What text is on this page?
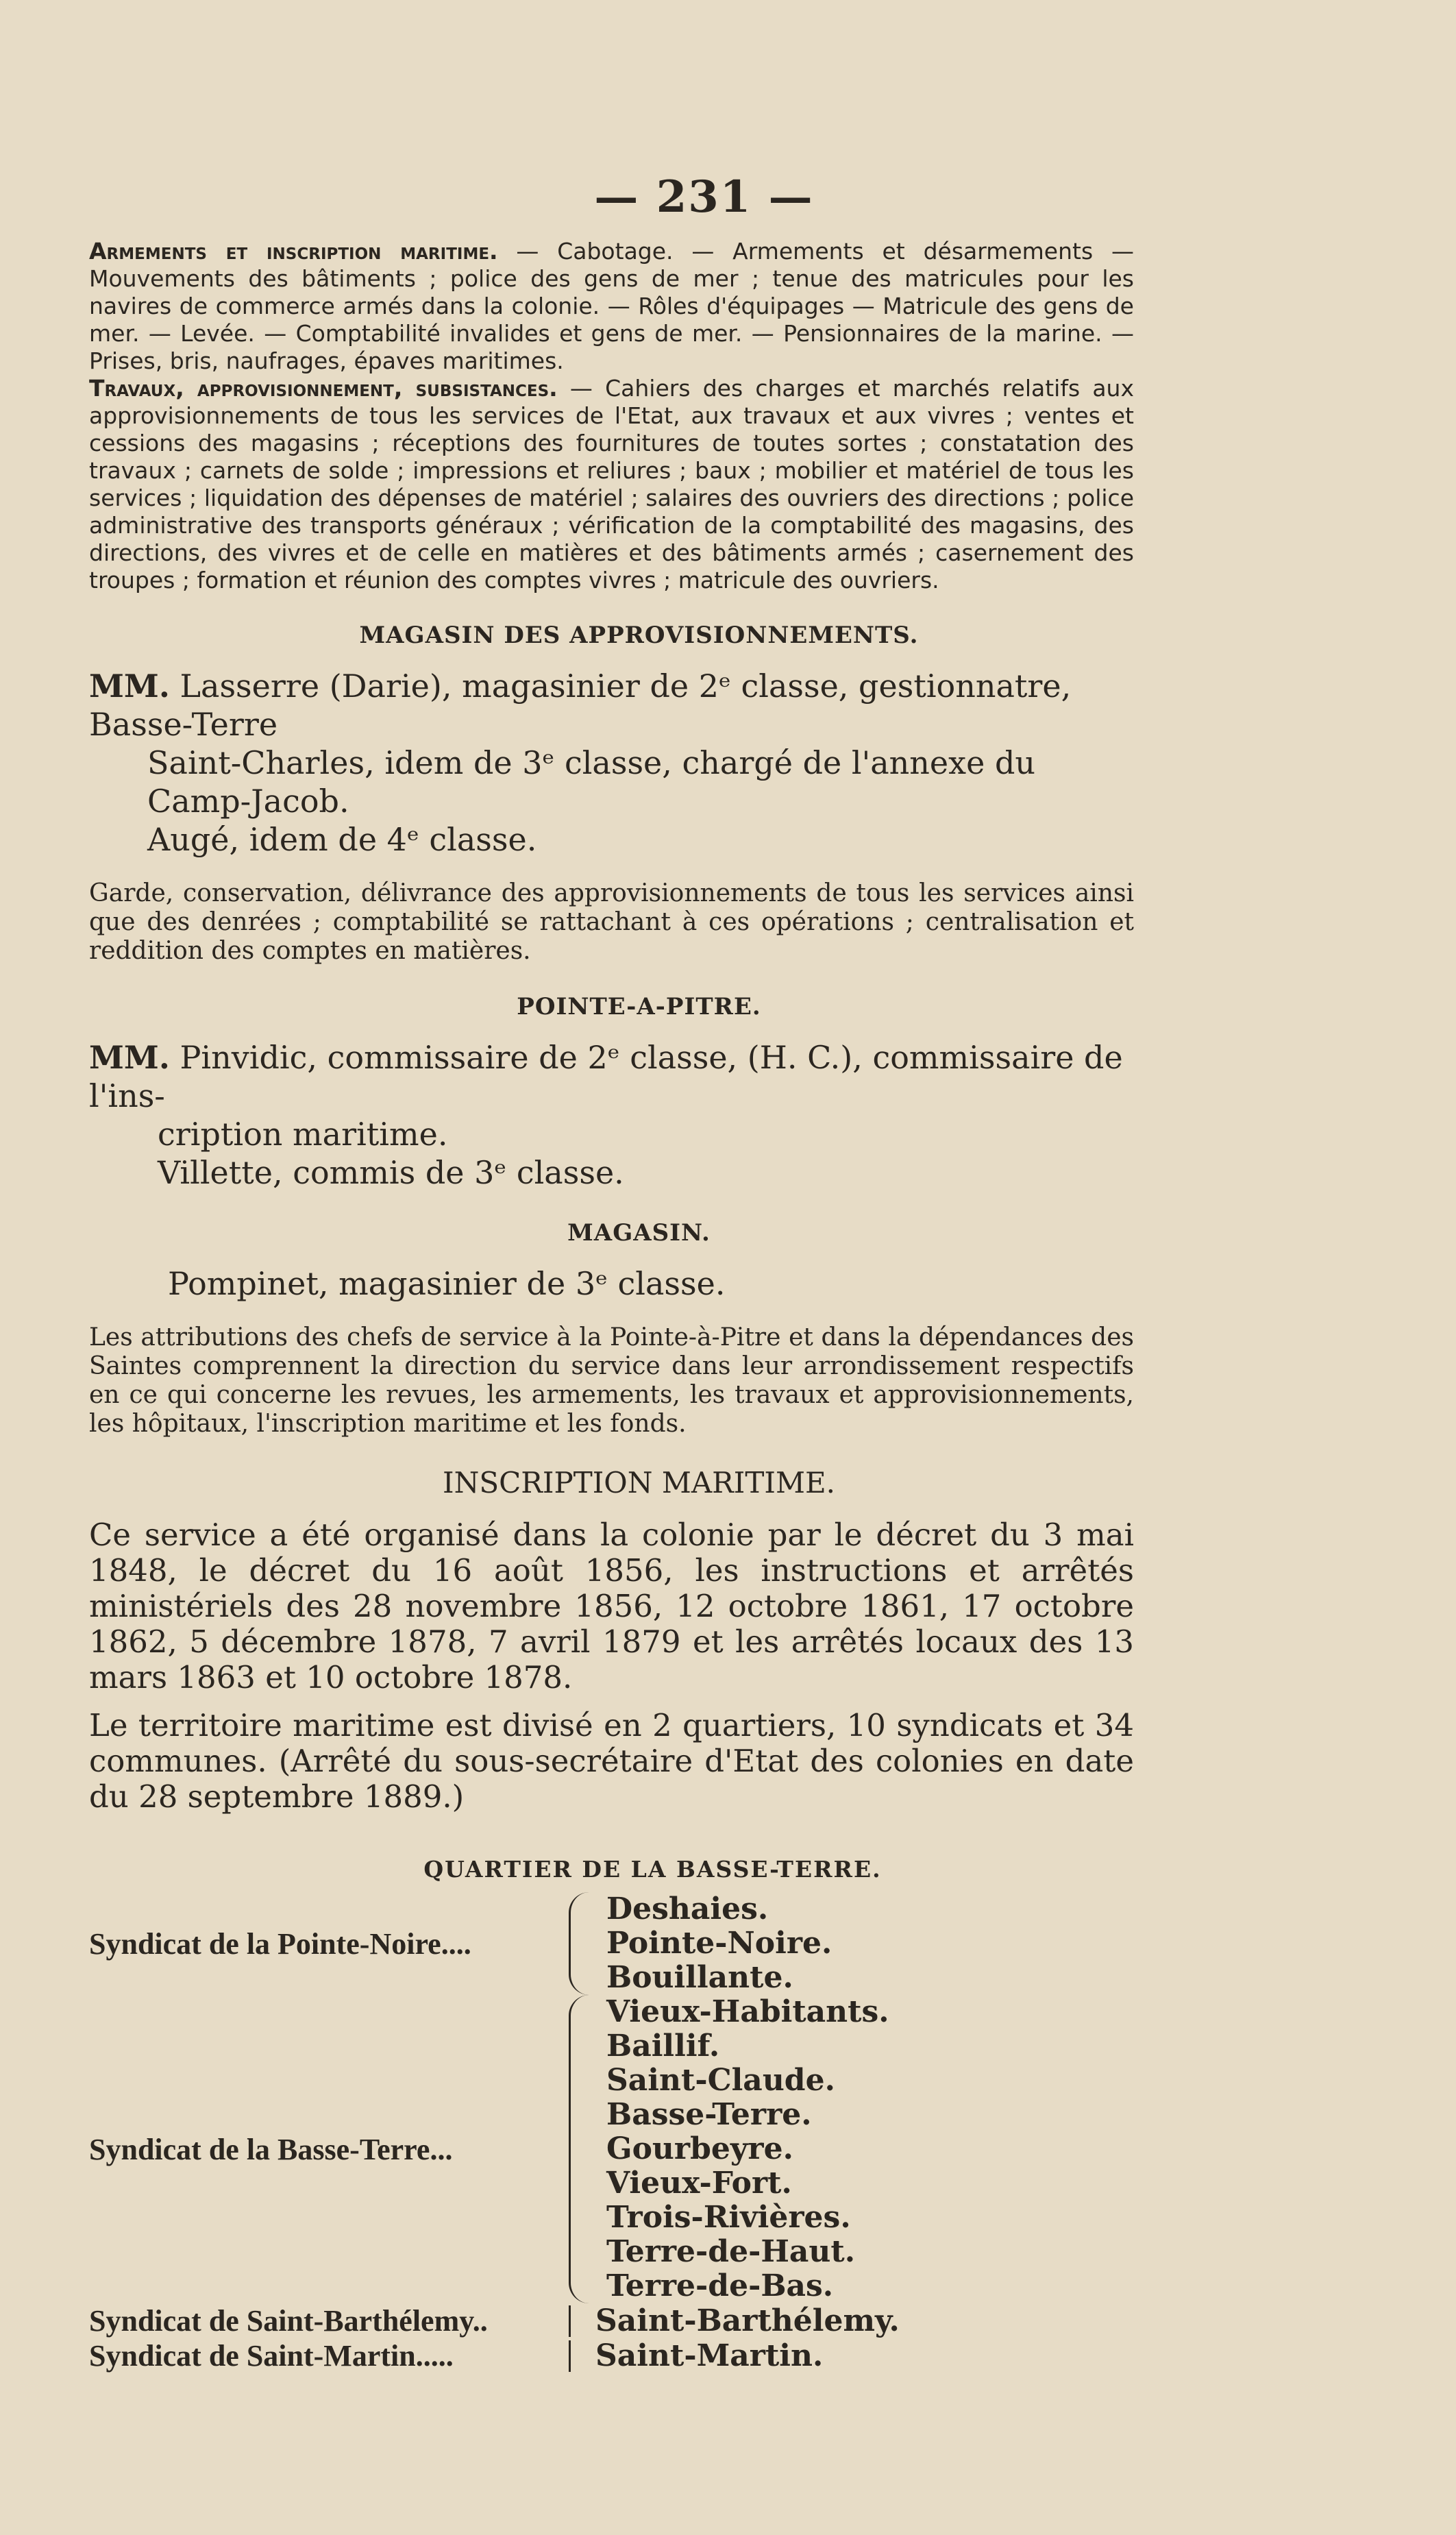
— 231 —

Armements et inscription maritime. — Cabotage. — Armements et désarmements — Mouvements des bâtiments ; police des gens de mer ; tenue des matricules pour les navires de commerce armés dans la colonie. — Rôles d'équipages — Matricule des gens de mer. — Levée. — Comptabilité invalides et gens de mer. — Pensionnaires de la marine. — Prises, bris, naufrages, épaves maritimes.

Travaux, approvisionnement, subsistances. — Cahiers des charges et marchés relatifs aux approvisionnements de tous les services de l'Etat, aux travaux et aux vivres ; ventes et cessions des magasins ; réceptions des fournitures de toutes sortes ; constatation des travaux ; carnets de solde ; impressions et reliures ; baux ; mobilier et matériel de tous les services ; liquidation des dépenses de matériel ; salaires des ouvriers des directions ; police administrative des transports généraux ; vérification de la comptabilité des magasins, des directions, des vivres et de celle en matières et des bâtiments armés ; casernement des troupes ; formation et réunion des comptes vivres ; matricule des ouvriers.

MAGASIN DES APPROVISIONNEMENTS.
MM. Lasserre (Darie), magasinier de 2ᵉ classe, gestionnatre, Basse-Terre
Saint-Charles, idem de 3ᵉ classe, chargé de l'annexe du Camp-Jacob.
Augé, idem de 4ᵉ classe.

Garde, conservation, délivrance des approvisionnements de tous les services ainsi que des denrées ; comptabilité se rattachant à ces opérations ; centralisation et reddition des comptes en matières.

POINTE-A-PITRE.
MM. Pinvidic, commissaire de 2ᵉ classe, (H. C.), commissaire de l'ins-
cription maritime.
Villette, commis de 3ᵉ classe.
MAGASIN.
Pompinet, magasinier de 3ᵉ classe.

Les attributions des chefs de service à la Pointe-à-Pitre et dans la dépendances des Saintes comprennent la direction du service dans leur arrondissement respectifs en ce qui concerne les revues, les armements, les travaux et approvisionnements, les hôpitaux, l'inscription maritime et les fonds.

INSCRIPTION MARITIME.

Ce service a été organisé dans la colonie par le décret du 3 mai 1848, le décret du 16 août 1856, les instructions et arrêtés ministériels des 28 novembre 1856, 12 octobre 1861, 17 octobre 1862, 5 décembre 1878, 7 avril 1879 et les arrêtés locaux des 13 mars 1863 et 10 octobre 1878.

Le territoire maritime est divisé en 2 quartiers, 10 syndicats et 34 communes. (Arrêté du sous-secrétaire d'Etat des colonies en date du 28 septembre 1889.)

QUARTIER DE LA BASSE-TERRE.
Syndicat de la Pointe-Noire....
Deshaies.
Pointe-Noire.
Bouillante.
Syndicat de la Basse-Terre...
Vieux-Habitants.
Baillif.
Saint-Claude.
Basse-Terre.
Gourbeyre.
Vieux-Fort.
Trois-Rivières.
Terre-de-Haut.
Terre-de-Bas.
Syndicat de Saint-Barthélemy..	Saint-Barthélemy.
Syndicat de Saint-Martin.....	Saint-Martin.
